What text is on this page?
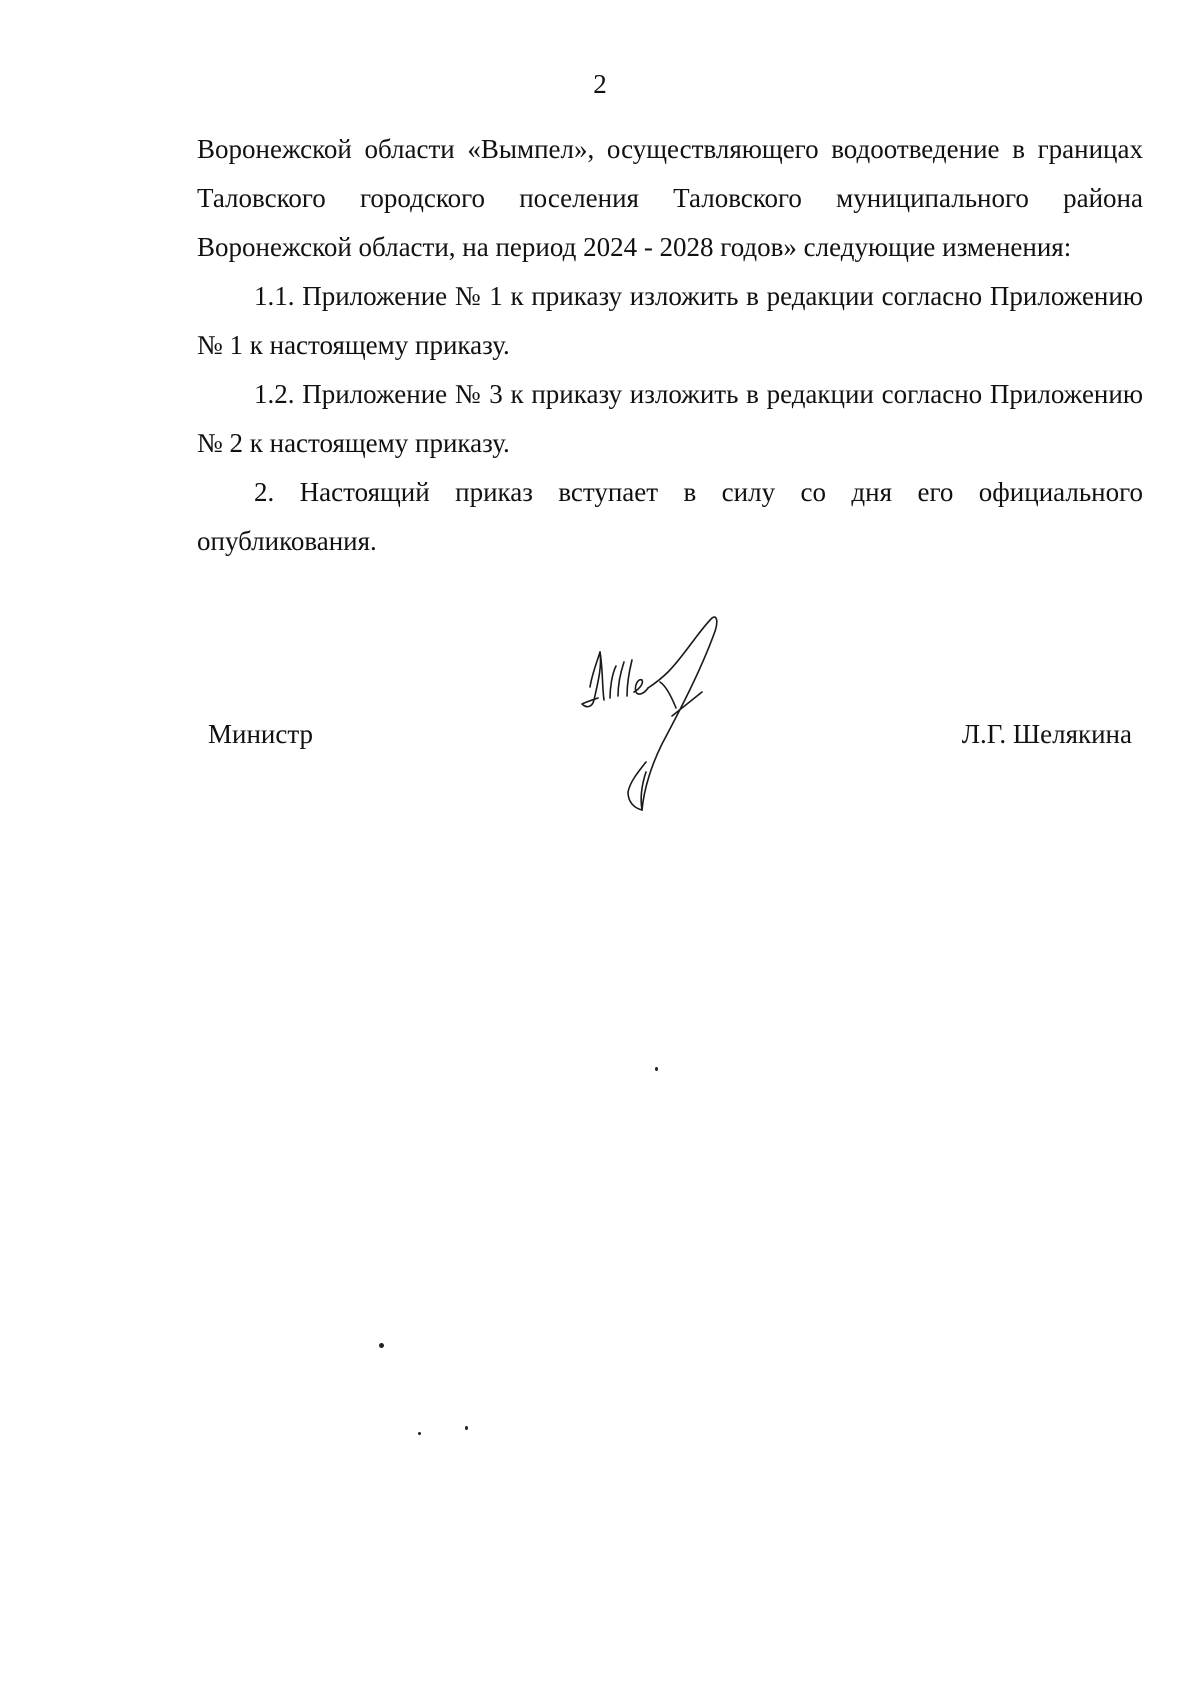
2

Воронежской области «Вымпел», осуществляющего водоотведение в границах Таловского городского поселения Таловского муниципального района Воронежской области, на период 2024 - 2028 годов» следующие изменения:

1.1. Приложение № 1 к приказу изложить в редакции согласно Приложению № 1 к настоящему приказу.

1.2. Приложение № 3 к приказу изложить в редакции согласно Приложению № 2 к настоящему приказу.

2. Настоящий приказ вступает в силу со дня его официального опубликования.

Министр	Л.Г. Шелякина
